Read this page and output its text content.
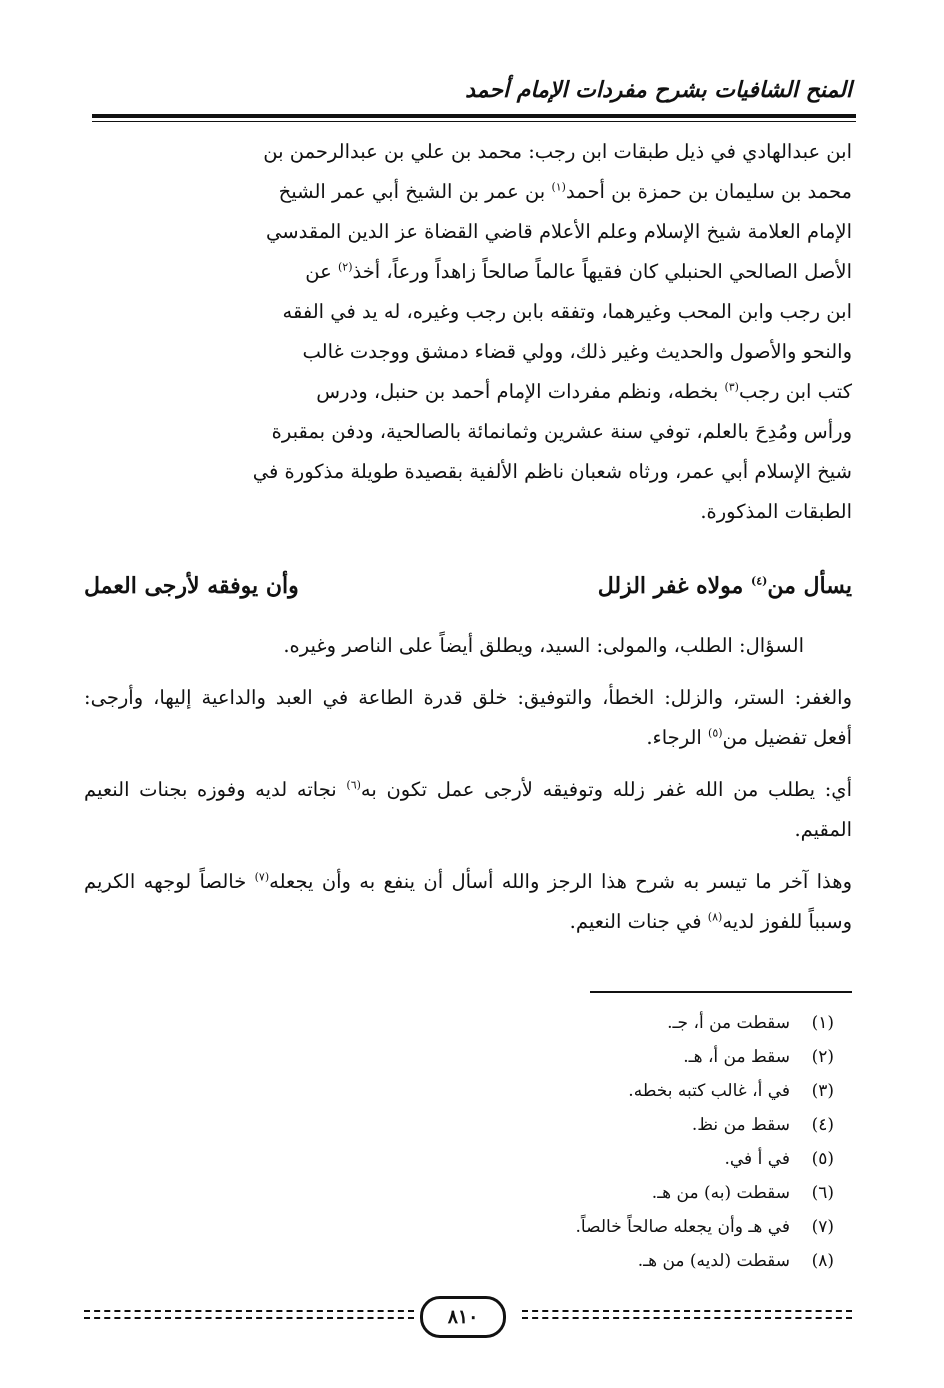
المنح الشافيات بشرح مفردات الإمام أحمد

ابن عبدالهادي في ذيل طبقات ابن رجب: محمد بن علي بن عبدالرحمن بن

محمد بن سليمان بن حمزة بن أحمد$^{(١)}$ بن عمر بن الشيخ أبي عمر الشيخ

الإمام العلامة شيخ الإسلام وعلم الأعلام قاضي القضاة عز الدين المقدسي

الأصل الصالحي الحنبلي كان فقيهاً عالماً صالحاً زاهداً ورعاً، أخذ$^{(٢)}$ عن

ابن رجب وابن المحب وغيرهما، وتفقه بابن رجب وغيره، له يد في الفقه

والنحو والأصول والحديث وغير ذلك، وولي قضاء دمشق ووجدت غالب

كتب ابن رجب$^{(٣)}$ بخطه، ونظم مفردات الإمام أحمد بن حنبل، ودرس

ورأس ومُدِحَ بالعلم، توفي سنة عشرين وثمانمائة بالصالحية، ودفن بمقبرة

شيخ الإسلام أبي عمر، ورثاه شعبان ناظم الألفية بقصيدة طويلة مذكورة في

الطبقات المذكورة.

يسأل من$^{(٤)}$ مولاه غفر الزلل
وأن يوفقه لأرجى العمل

السؤال: الطلب، والمولى: السيد، ويطلق أيضاً على الناصر وغيره.

والغفر: الستر، والزلل: الخطأ، والتوفيق: خلق قدرة الطاعة في العبد والداعية إليها، وأرجى: أفعل تفضيل من$^{(٥)}$ الرجاء.

أي: يطلب من الله غفر زلله وتوفيقه لأرجى عمل تكون به$^{(٦)}$ نجاته لديه وفوزه بجنات النعيم المقيم.

وهذا آخر ما تيسر به شرح هذا الرجز والله أسأل أن ينفع به وأن يجعله$^{(٧)}$ خالصاً لوجهه الكريم وسبباً للفوز لديه$^{(٨)}$ في جنات النعيم.

(١)
سقطت من أ، جـ.
(٢)
سقط من أ، هـ.
(٣)
في أ، غالب كتبه بخطه.
(٤)
سقط من نظ.
(٥)
في أ في.
(٦)
سقطت (به) من هـ.
(٧)
في هـ وأن يجعله صالحاً خالصاً.
(٨)
سقطت (لديه) من هـ.
٨١٠
